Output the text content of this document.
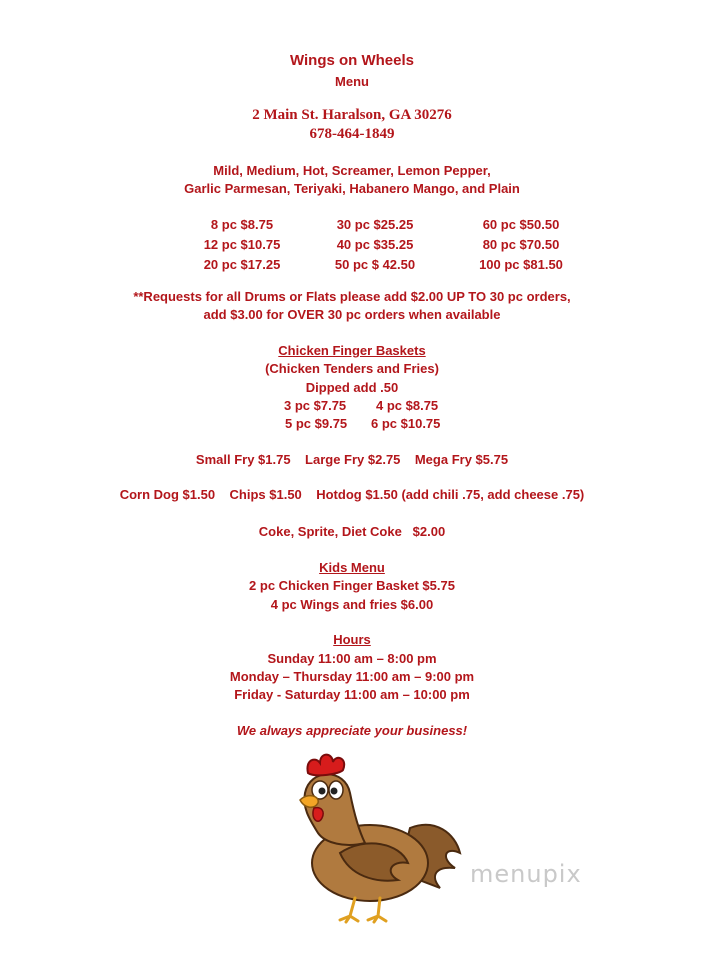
Wings on Wheels
Menu
2 Main St. Haralson, GA 30276
678-464-1849
Mild, Medium, Hot, Screamer, Lemon Pepper,
Garlic Parmesan, Teriyaki, Habanero Mango, and Plain
8 pc $8.75
12 pc $10.75
20 pc $17.25
30 pc $25.25
40 pc $35.25
50 pc $ 42.50
60 pc $50.50
80 pc $70.50
100 pc $81.50
**Requests for all Drums or Flats please add $2.00 UP TO 30 pc orders,
add $3.00 for OVER 30 pc orders when available
Chicken Finger Baskets
(Chicken Tenders and Fries)
Dipped add .50
3 pc $7.75 4 pc $8.75
5 pc $9.75 6 pc $10.75
Small Fry $1.75    Large Fry $2.75    Mega Fry $5.75
Corn Dog $1.50    Chips $1.50    Hotdog $1.50 (add chili .75, add cheese .75)
Coke, Sprite, Diet Coke   $2.00
Kids Menu
2 pc Chicken Finger Basket $5.75
4 pc Wings and fries $6.00
Hours
Sunday 11:00 am – 8:00 pm
Monday – Thursday 11:00 am – 9:00 pm
Friday - Saturday 11:00 am – 10:00 pm
We always appreciate your business!
menupix
